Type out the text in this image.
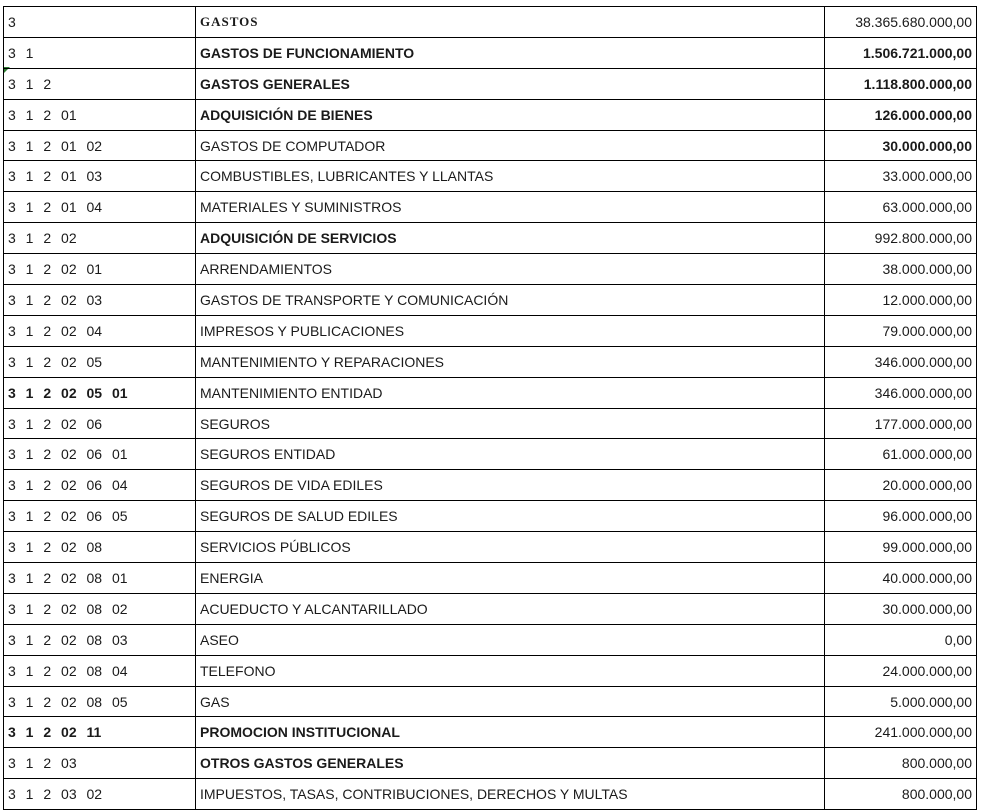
3	GASTOS	38.365.680.000,00
3 1	GASTOS DE FUNCIONAMIENTO	1.506.721.000,00
3 1 2	GASTOS GENERALES	1.118.800.000,00
3 1 2 01	ADQUISICIÓN DE BIENES	126.000.000,00
3 1 2 01 02	GASTOS DE COMPUTADOR	30.000.000,00
3 1 2 01 03	COMBUSTIBLES, LUBRICANTES Y LLANTAS	33.000.000,00
3 1 2 01 04	MATERIALES Y SUMINISTROS	63.000.000,00
3 1 2 02	ADQUISICIÓN DE SERVICIOS	992.800.000,00
3 1 2 02 01	ARRENDAMIENTOS	38.000.000,00
3 1 2 02 03	GASTOS DE TRANSPORTE Y COMUNICACIÓN	12.000.000,00
3 1 2 02 04	IMPRESOS Y PUBLICACIONES	79.000.000,00
3 1 2 02 05	MANTENIMIENTO Y REPARACIONES	346.000.000,00
3 1 2 02 05 01	MANTENIMIENTO ENTIDAD	346.000.000,00
3 1 2 02 06	SEGUROS	177.000.000,00
3 1 2 02 06 01	SEGUROS ENTIDAD	61.000.000,00
3 1 2 02 06 04	SEGUROS DE VIDA EDILES	20.000.000,00
3 1 2 02 06 05	SEGUROS DE SALUD EDILES	96.000.000,00
3 1 2 02 08	SERVICIOS PÚBLICOS	99.000.000,00
3 1 2 02 08 01	ENERGIA	40.000.000,00
3 1 2 02 08 02	ACUEDUCTO Y ALCANTARILLADO	30.000.000,00
3 1 2 02 08 03	ASEO	0,00
3 1 2 02 08 04	TELEFONO	24.000.000,00
3 1 2 02 08 05	GAS	5.000.000,00
3 1 2 02 11	PROMOCION INSTITUCIONAL	241.000.000,00
3 1 2 03	OTROS GASTOS GENERALES	800.000,00
3 1 2 03 02	IMPUESTOS, TASAS, CONTRIBUCIONES, DERECHOS Y MULTAS	800.000,00
